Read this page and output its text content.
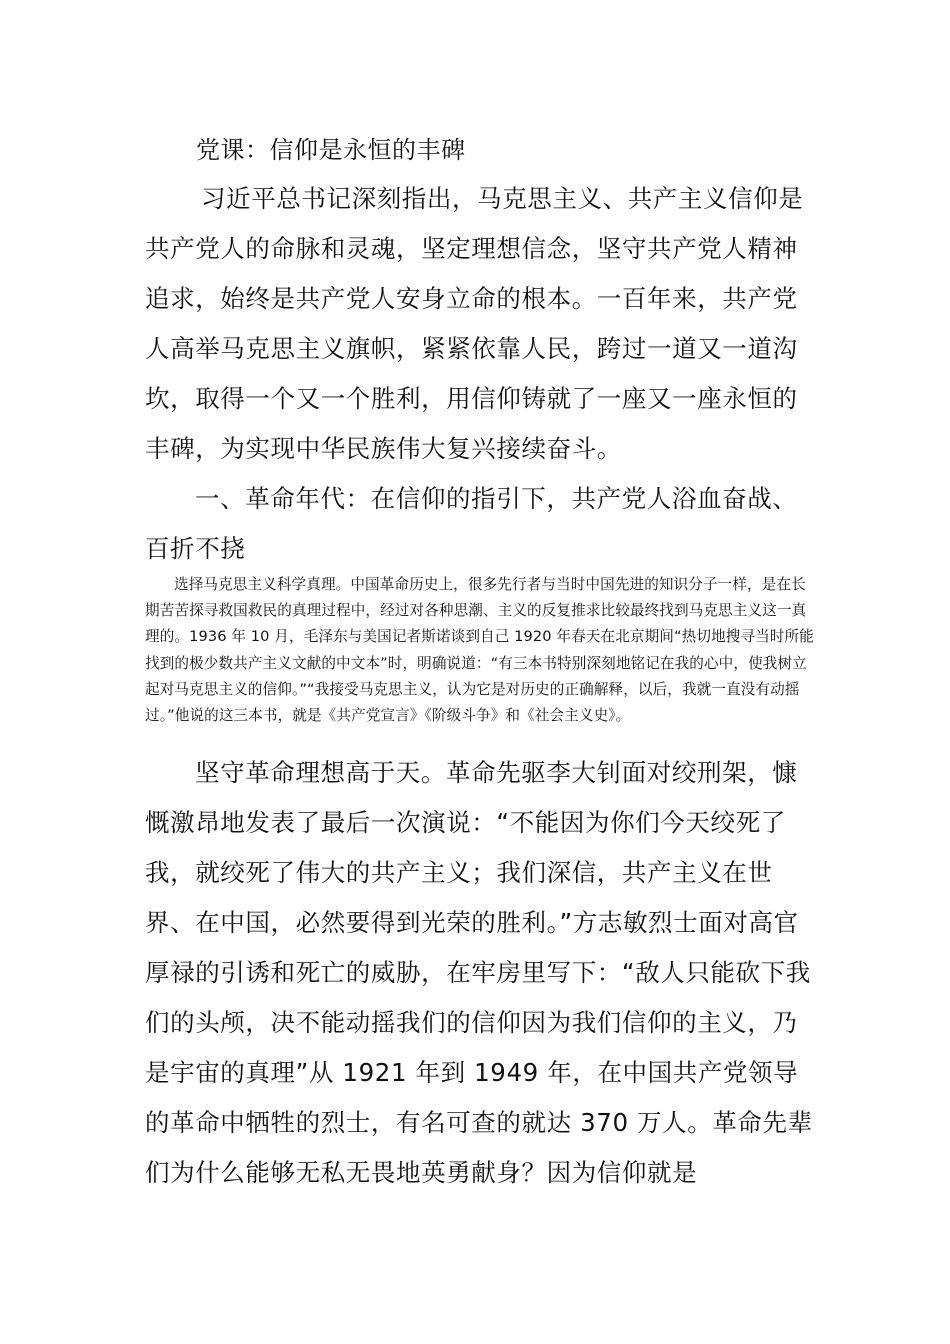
党课：信仰是永恒的丰碑

习近平总书记深刻指出，马克思主义、共产主义信仰是共产党人的命脉和灵魂，坚定理想信念，坚守共产党人精神追求，始终是共产党人安身立命的根本。一百年来，共产党人高举马克思主义旗帜，紧紧依靠人民，跨过一道又一道沟坎，取得一个又一个胜利，用信仰铸就了一座又一座永恒的丰碑，为实现中华民族伟大复兴接续奋斗。

一、革命年代：在信仰的指引下，共产党人浴血奋战、百折不挠

选择马克思主义科学真理。中国革命历史上，很多先行者与当时中国先进的知识分子一样，是在长期苦苦探寻救国救民的真理过程中，经过对各种思潮、主义的反复推求比较最终找到马克思主义这一真理的。1936 年 10 月，毛泽东与美国记者斯诺谈到自己 1920 年春天在北京期间“热切地搜寻当时所能找到的极少数共产主义文献的中文本”时，明确说道：“有三本书特别深刻地铭记在我的心中，使我树立起对马克思主义的信仰。”“我接受马克思主义，认为它是对历史的正确解释，以后，我就一直没有动摇过。”他说的这三本书，就是《共产党宣言》《阶级斗争》和《社会主义史》。

坚守革命理想高于天。革命先驱李大钊面对绞刑架，慷慨激昂地发表了最后一次演说：“不能因为你们今天绞死了我，就绞死了伟大的共产主义；我们深信，共产主义在世界、在中国，必然要得到光荣的胜利。”方志敏烈士面对高官厚禄的引诱和死亡的威胁，在牢房里写下：“敌人只能砍下我们的头颅，决不能动摇我们的信仰因为我们信仰的主义，乃是宇宙的真理”从 1921 年到 1949 年，在中国共产党领导的革命中牺牲的烈士，有名可查的就达 370 万人。革命先辈们为什么能够无私无畏地英勇献身？因为信仰就是
